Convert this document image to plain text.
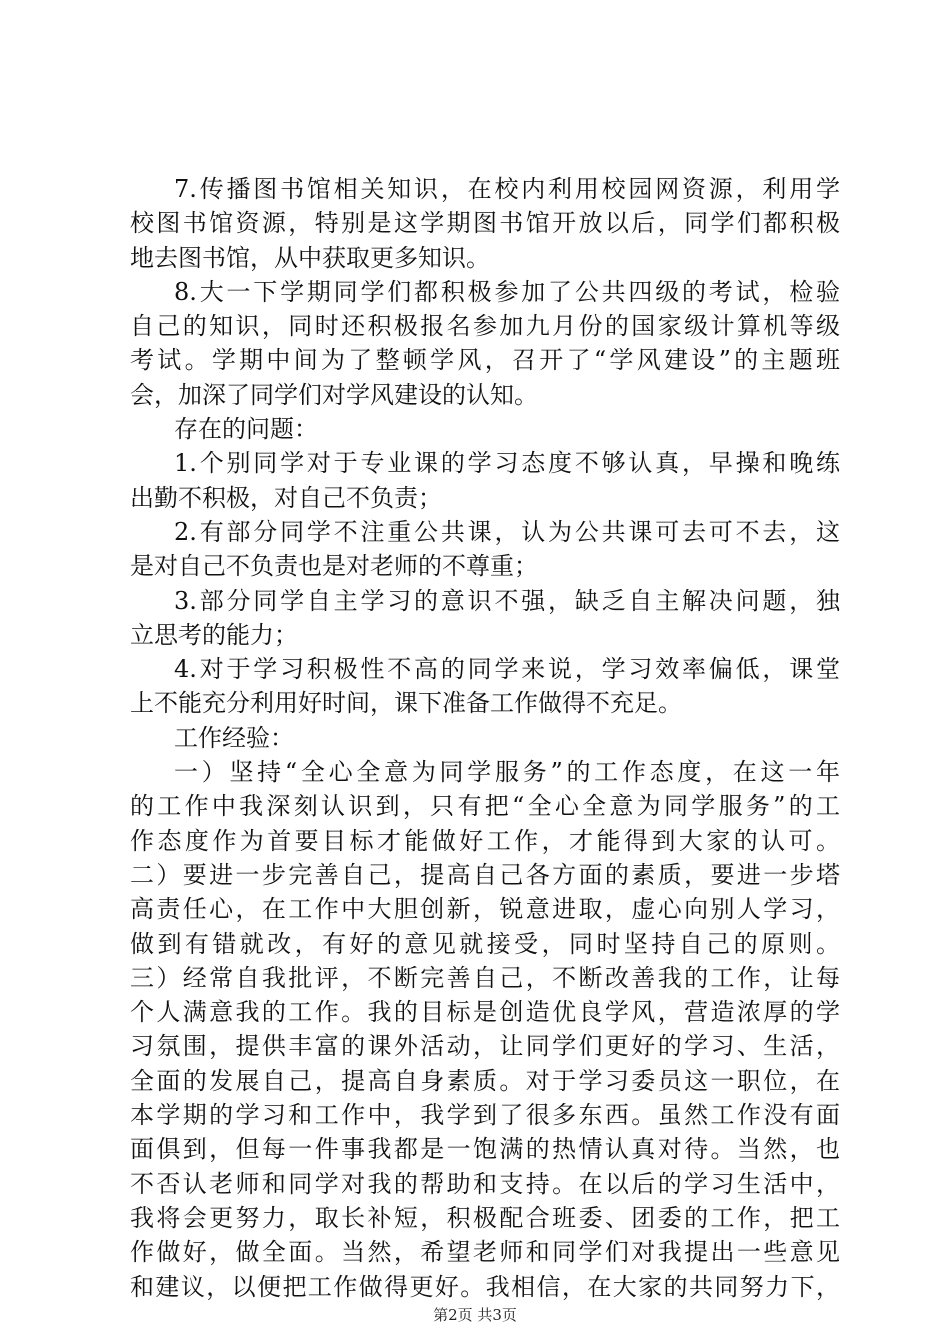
7.传播图书馆相关知识，在校内利用校园网资源，利用学
校图书馆资源，特别是这学期图书馆开放以后，同学们都积极
地去图书馆，从中获取更多知识。
8.大一下学期同学们都积极参加了公共四级的考试，检验
自己的知识，同时还积极报名参加九月份的国家级计算机等级
考试。学期中间为了整顿学风，召开了“学风建设”的主题班
会，加深了同学们对学风建设的认知。
存在的问题：
1.个别同学对于专业课的学习态度不够认真，早操和晚练
出勤不积极，对自己不负责；
2.有部分同学不注重公共课，认为公共课可去可不去，这
是对自己不负责也是对老师的不尊重；
3.部分同学自主学习的意识不强，缺乏自主解决问题，独
立思考的能力；
4.对于学习积极性不高的同学来说，学习效率偏低，课堂
上不能充分利用好时间，课下准备工作做得不充足。
工作经验：
一）坚持“全心全意为同学服务”的工作态度，在这一年
的工作中我深刻认识到，只有把“全心全意为同学服务”的工
作态度作为首要目标才能做好工作，才能得到大家的认可。
二）要进一步完善自己，提高自己各方面的素质，要进一步塔
高责任心，在工作中大胆创新，锐意进取，虚心向别人学习，
做到有错就改，有好的意见就接受，同时坚持自己的原则。
三）经常自我批评，不断完善自己，不断改善我的工作，让每
个人满意我的工作。我的目标是创造优良学风，营造浓厚的学
习氛围，提供丰富的课外活动，让同学们更好的学习、生活，
全面的发展自己，提高自身素质。对于学习委员这一职位，在
本学期的学习和工作中，我学到了很多东西。虽然工作没有面
面俱到，但每一件事我都是一饱满的热情认真对待。当然，也
不否认老师和同学对我的帮助和支持。在以后的学习生活中，
我将会更努力，取长补短，积极配合班委、团委的工作，把工
作做好，做全面。当然，希望老师和同学们对我提出一些意见
和建议，以便把工作做得更好。我相信，在大家的共同努力下，
第2页 共3页
